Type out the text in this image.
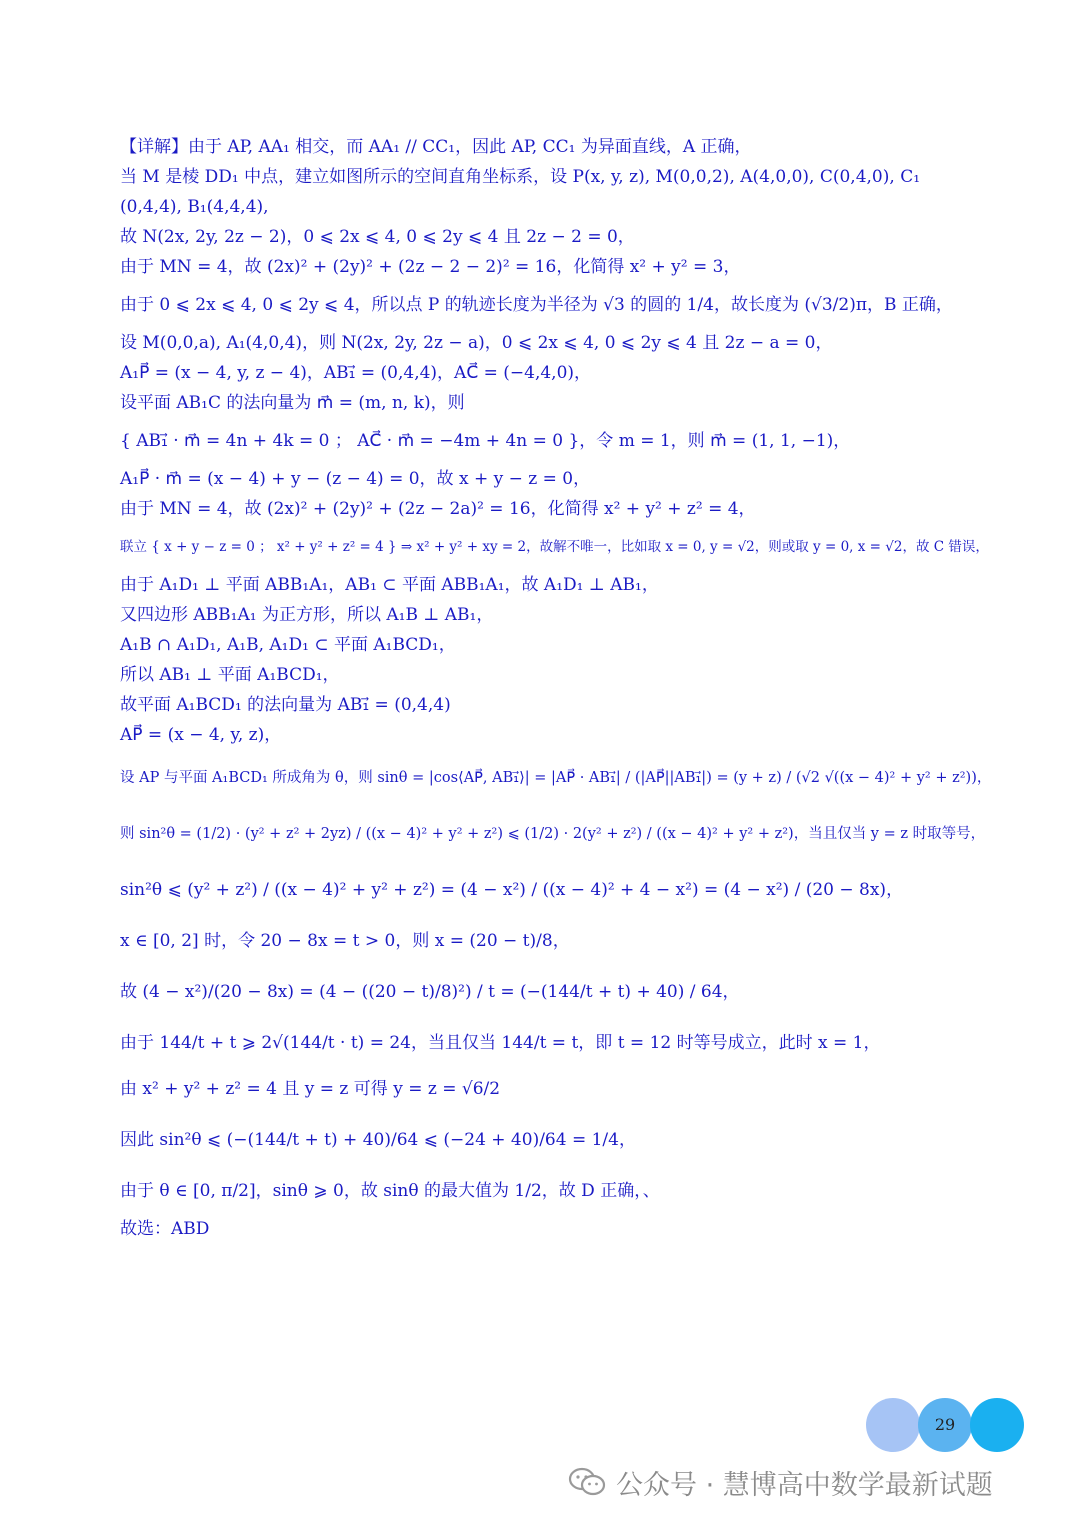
【详解】由于 AP, AA₁ 相交，而 AA₁ // CC₁，因此 AP, CC₁ 为异面直线，A 正确，
当 M 是棱 DD₁ 中点，建立如图所示的空间直角坐标系，设 P(x, y, z), M(0,0,2), A(4,0,0), C(0,4,0), C₁
(0,4,4), B₁(4,4,4),
故 N(2x, 2y, 2z − 2)，0 ⩽ 2x ⩽ 4, 0 ⩽ 2y ⩽ 4 且 2z − 2 = 0，
由于 MN = 4，故 (2x)² + (2y)² + (2z − 2 − 2)² = 16，化简得 x² + y² = 3，
由于 0 ⩽ 2x ⩽ 4, 0 ⩽ 2y ⩽ 4，所以点 P 的轨迹长度为半径为 √3 的圆的 1/4，故长度为 (√3/2)π，B 正确，
设 M(0,0,a), A₁(4,0,4)，则 N(2x, 2y, 2z − a)，0 ⩽ 2x ⩽ 4, 0 ⩽ 2y ⩽ 4 且 2z − a = 0，
A₁P⃗ = (x − 4, y, z − 4)，AB₁⃗ = (0,4,4)，AC⃗ = (−4,4,0)，
设平面 AB₁C 的法向量为 m⃗ = (m, n, k)，则
{ AB₁⃗ · m⃗ = 4n + 4k = 0 ； AC⃗ · m⃗ = −4m + 4n = 0 }，令 m = 1，则 m⃗ = (1, 1, −1)，
A₁P⃗ · m⃗ = (x − 4) + y − (z − 4) = 0，故 x + y − z = 0，
由于 MN = 4，故 (2x)² + (2y)² + (2z − 2a)² = 16，化简得 x² + y² + z² = 4，
联立 { x + y − z = 0 ； x² + y² + z² = 4 } ⇒ x² + y² + xy = 2，故解不唯一，比如取 x = 0, y = √2，则或取 y = 0, x = √2，故 C 错误，
由于 A₁D₁ ⊥ 平面 ABB₁A₁，AB₁ ⊂ 平面 ABB₁A₁，故 A₁D₁ ⊥ AB₁，
又四边形 ABB₁A₁ 为正方形，所以 A₁B ⊥ AB₁，
A₁B ∩ A₁D₁, A₁B, A₁D₁ ⊂ 平面 A₁BCD₁，
所以 AB₁ ⊥ 平面 A₁BCD₁，
故平面 A₁BCD₁ 的法向量为 AB₁⃗ = (0,4,4)
AP⃗ = (x − 4, y, z)，
设 AP 与平面 A₁BCD₁ 所成角为 θ，则 sinθ = |cos⟨AP⃗, AB₁⃗⟩| = |AP⃗ · AB₁⃗| / (|AP⃗||AB₁⃗|) = (y + z) / (√2 √((x − 4)² + y² + z²))，
则 sin²θ = (1/2) · (y² + z² + 2yz) / ((x − 4)² + y² + z²) ⩽ (1/2) · 2(y² + z²) / ((x − 4)² + y² + z²)，当且仅当 y = z 时取等号，
sin²θ ⩽ (y² + z²) / ((x − 4)² + y² + z²) = (4 − x²) / ((x − 4)² + 4 − x²) = (4 − x²) / (20 − 8x)，
x ∈ [0, 2] 时，令 20 − 8x = t > 0，则 x = (20 − t)/8，
故 (4 − x²)/(20 − 8x) = (4 − ((20 − t)/8)²) / t = (−(144/t + t) + 40) / 64，
由于 144/t + t ⩾ 2√(144/t · t) = 24，当且仅当 144/t = t，即 t = 12 时等号成立，此时 x = 1，
由 x² + y² + z² = 4 且 y = z 可得 y = z = √6/2
因此 sin²θ ⩽ (−(144/t + t) + 40)/64 ⩽ (−24 + 40)/64 = 1/4，
由于 θ ∈ [0, π/2]，sinθ ⩾ 0，故 sinθ 的最大值为 1/2，故 D 正确，、
故选：ABD
29
公众号 · 慧博高中数学最新试题
